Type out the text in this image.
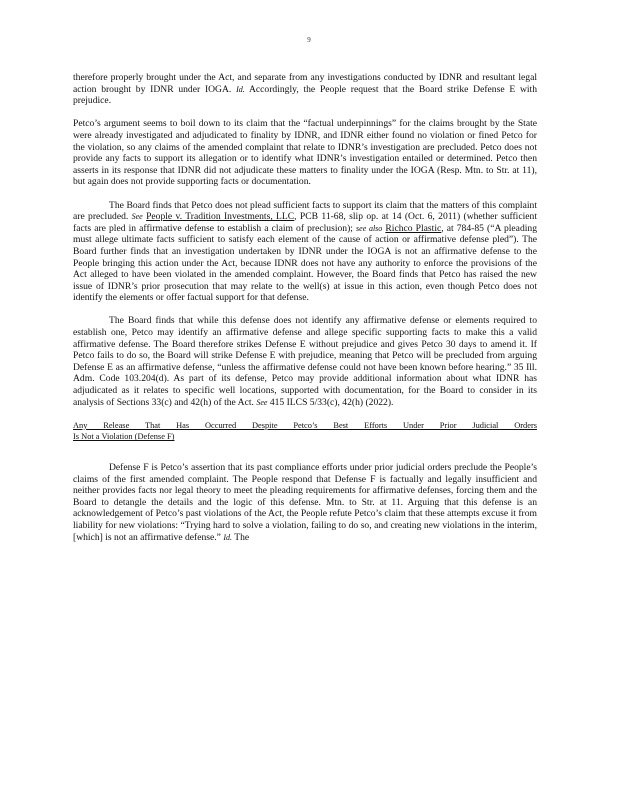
9

therefore properly brought under the Act, and separate from any investigations conducted by IDNR and resultant legal action brought by IDNR under IOGA. Id. Accordingly, the People request that the Board strike Defense E with prejudice.

Petco’s argument seems to boil down to its claim that the “factual underpinnings” for the claims brought by the State were already investigated and adjudicated to finality by IDNR, and IDNR either found no violation or fined Petco for the violation, so any claims of the amended complaint that relate to IDNR’s investigation are precluded. Petco does not provide any facts to support its allegation or to identify what IDNR’s investigation entailed or determined. Petco then asserts in its response that IDNR did not adjudicate these matters to finality under the IOGA (Resp. Mtn. to Str. at 11), but again does not provide supporting facts or documentation.

The Board finds that Petco does not plead sufficient facts to support its claim that the matters of this complaint are precluded. See People v. Tradition Investments, LLC, PCB 11-68, slip op. at 14 (Oct. 6, 2011) (whether sufficient facts are pled in affirmative defense to establish a claim of preclusion); see also Richco Plastic, at 784-85 (“A pleading must allege ultimate facts sufficient to satisfy each element of the cause of action or affirmative defense pled”). The Board further finds that an investigation undertaken by IDNR under the IOGA is not an affirmative defense to the People bringing this action under the Act, because IDNR does not have any authority to enforce the provisions of the Act alleged to have been violated in the amended complaint. However, the Board finds that Petco has raised the new issue of IDNR’s prior prosecution that may relate to the well(s) at issue in this action, even though Petco does not identify the elements or offer factual support for that defense.

The Board finds that while this defense does not identify any affirmative defense or elements required to establish one, Petco may identify an affirmative defense and allege specific supporting facts to make this a valid affirmative defense. The Board therefore strikes Defense E without prejudice and gives Petco 30 days to amend it. If Petco fails to do so, the Board will strike Defense E with prejudice, meaning that Petco will be precluded from arguing Defense E as an affirmative defense, “unless the affirmative defense could not have been known before hearing.” 35 Ill. Adm. Code 103.204(d). As part of its defense, Petco may provide additional information about what IDNR has adjudicated as it relates to specific well locations, supported with documentation, for the Board to consider in its analysis of Sections 33(c) and 42(h) of the Act. See 415 ILCS 5/33(c), 42(h) (2022).

Any Release That Has Occurred Despite Petco’s Best Efforts Under Prior Judicial Orders
Is Not a Violation (Defense F)

Defense F is Petco’s assertion that its past compliance efforts under prior judicial orders preclude the People’s claims of the first amended complaint. The People respond that Defense F is factually and legally insufficient and neither provides facts nor legal theory to meet the pleading requirements for affirmative defenses, forcing them and the Board to detangle the details and the logic of this defense. Mtn. to Str. at 11. Arguing that this defense is an acknowledgement of Petco’s past violations of the Act, the People refute Petco’s claim that these attempts excuse it from liability for new violations: “Trying hard to solve a violation, failing to do so, and creating new violations in the interim, [which] is not an affirmative defense.” Id. The
